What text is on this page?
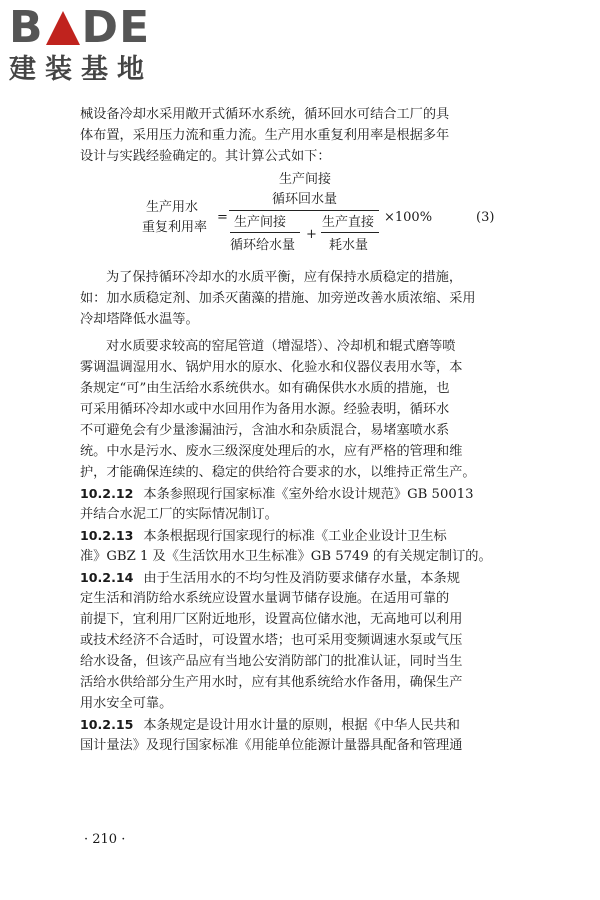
B DE
建装基地
械设备冷却水采用敞开式循环水系统，循环回水可结合工厂的具
体布置，采用压力流和重力流。生产用水重复利用率是根据多年
设计与实践经验确定的。其计算公式如下：
生产用水
重复利用率
=
生产间接
循环回水量
生产间接
循环给水量
+
生产直接
耗水量
×100%	(3)
为了保持循环冷却水的水质平衡，应有保持水质稳定的措施，
如：加水质稳定剂、加杀灭菌藻的措施、加旁逆改善水质浓缩、采用
冷却塔降低水温等。
对水质要求较高的窑尾管道（增湿塔）、冷却机和辊式磨等喷
雾调温调湿用水、锅炉用水的原水、化验水和仪器仪表用水等，本
条规定“可”由生活给水系统供水。如有确保供水水质的措施，也
可采用循环冷却水或中水回用作为备用水源。经验表明，循环水
不可避免会有少量渗漏油污，含油水和杂质混合，易堵塞喷水系
统。中水是污水、废水三级深度处理后的水，应有严格的管理和维
护，才能确保连续的、稳定的供给符合要求的水，以维持正常生产。
10.2.12 本条参照现行国家标准《室外给水设计规范》GB 50013
并结合水泥工厂的实际情况制订。
10.2.13 本条根据现行国家现行的标准《工业企业设计卫生标
准》GBZ 1 及《生活饮用水卫生标准》GB 5749 的有关规定制订的。
10.2.14 由于生活用水的不均匀性及消防要求储存水量，本条规
定生活和消防给水系统应设置水量调节储存设施。在适用可靠的
前提下，宜利用厂区附近地形，设置高位储水池，无高地可以利用
或技术经济不合适时，可设置水塔；也可采用变频调速水泵或气压
给水设备，但该产品应有当地公安消防部门的批准认证，同时当生
活给水供给部分生产用水时，应有其他系统给水作备用，确保生产
用水安全可靠。
10.2.15 本条规定是设计用水计量的原则，根据《中华人民共和
国计量法》及现行国家标准《用能单位能源计量器具配备和管理通
· 210 ·
